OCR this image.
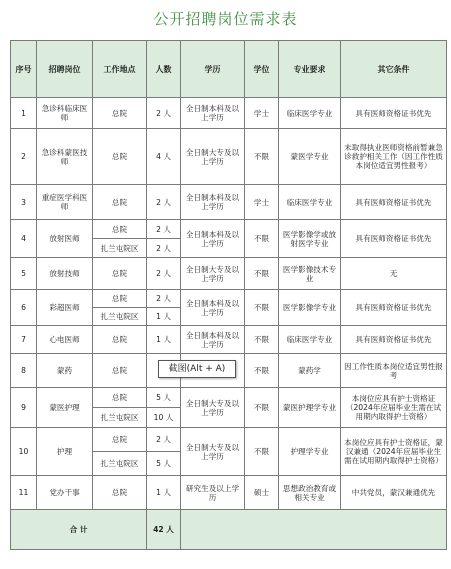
公开招聘岗位需求表
序号	招聘岗位	工作地点	人数	学历	学位	专业要求	其它条件
1	急诊科临床医师	总院	2 人	全日制本科及以上学历	学士	临床医学专业	具有医师资格证书优先
2	急诊科蒙医技师	总院	4 人	全日制大专及以上学历	不限	蒙医学专业	未取得执业医师资格前暂兼急诊救护相关工作（因工作性质本岗位适宜男性报考）
3	重症医学科医师	总院	2 人	全日制本科及以上学历	学士	临床医学专业	具有医师资格证书优先
4	放射医师	总院	2 人	全日制本科及以上学历	不限	医学影像学或放射医学专业	具有医师资格证书优先
		扎兰屯院区	2 人				
5	放射技师	总院	2 人	全日制大专及以上学历	不限	医学影像技术专业	无
6	彩超医师	总院	2 人	全日制本科及以上学历	不限	医学影像学专业	具有医师资格证书优先
		扎兰屯院区	1 人				
7	心电医师	总院	1 人	全日制本科及以上学历	不限	临床医学专业	具有医师资格证书优先
8	蒙药	总院			不限	蒙药学	因工作性质本岗位适宜男性报考
9	蒙医护理	总院	5 人	全日制大专及以上学历	不限	蒙医护理学专业	本岗位应具有护士资格证（2024年应届毕业生需在试用期内取得护士资格）
		扎兰屯院区	10 人				
10	护理	总院	2 人	全日制大专及以上学历	不限	护理学专业	本岗位应具有护士资格证，蒙汉兼通（2024年应届毕业生需在试用期内取得护士资格）
		扎兰屯院区	5 人				
11	党办干事	总院	1 人	研究生及以上学历	硕士	思想政治教育或相关专业	中共党员，蒙汉兼通优先
合 计			42 人				
截图(Alt + A)
